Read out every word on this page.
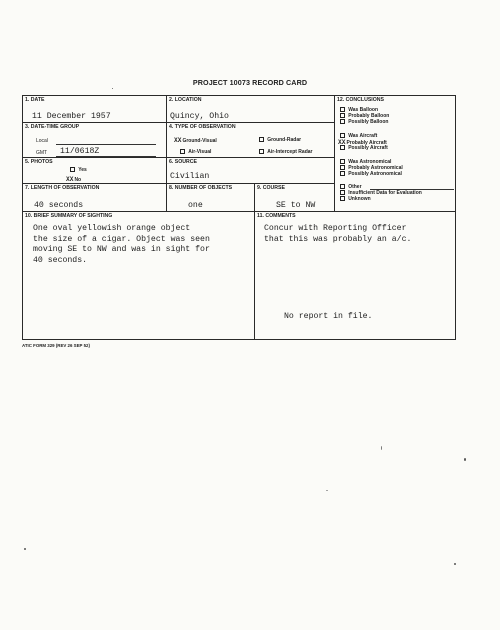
PROJECT 10073 RECORD CARD
1. DATE
11 December 1957
2. LOCATION
Quincy, Ohio
3. DATE-TIME GROUP
Local
GMT 11/0618Z
4. TYPE OF OBSERVATION
XXGround-Visual	Ground-Radar
Air-Visual	Air-Intercept Radar
5. PHOTOS
Yes
XXNo
6. SOURCE
Civilian
7. LENGTH OF OBSERVATION
40 seconds
8. NUMBER OF OBJECTS
one
9. COURSE
SE to NW
10. BRIEF SUMMARY OF SIGHTING
One oval yellowish orange object
the size of a cigar. Object was seen
moving SE to NW and was in sight for
40 seconds.
11. COMMENTS
Concur with Reporting Officer
that this was probably an a/c.
No report in file.
12. CONCLUSIONS
Was Balloon
Probably Balloon
Possibly Balloon
Was Aircraft
XXProbably Aircraft
Possibly Aircraft
Was Astronomical
Probably Astronomical
Possibly Astronomical
Other
Insufficient Data for Evaluation
Unknown
ATIC FORM 329 (REV 26 SEP 52)
